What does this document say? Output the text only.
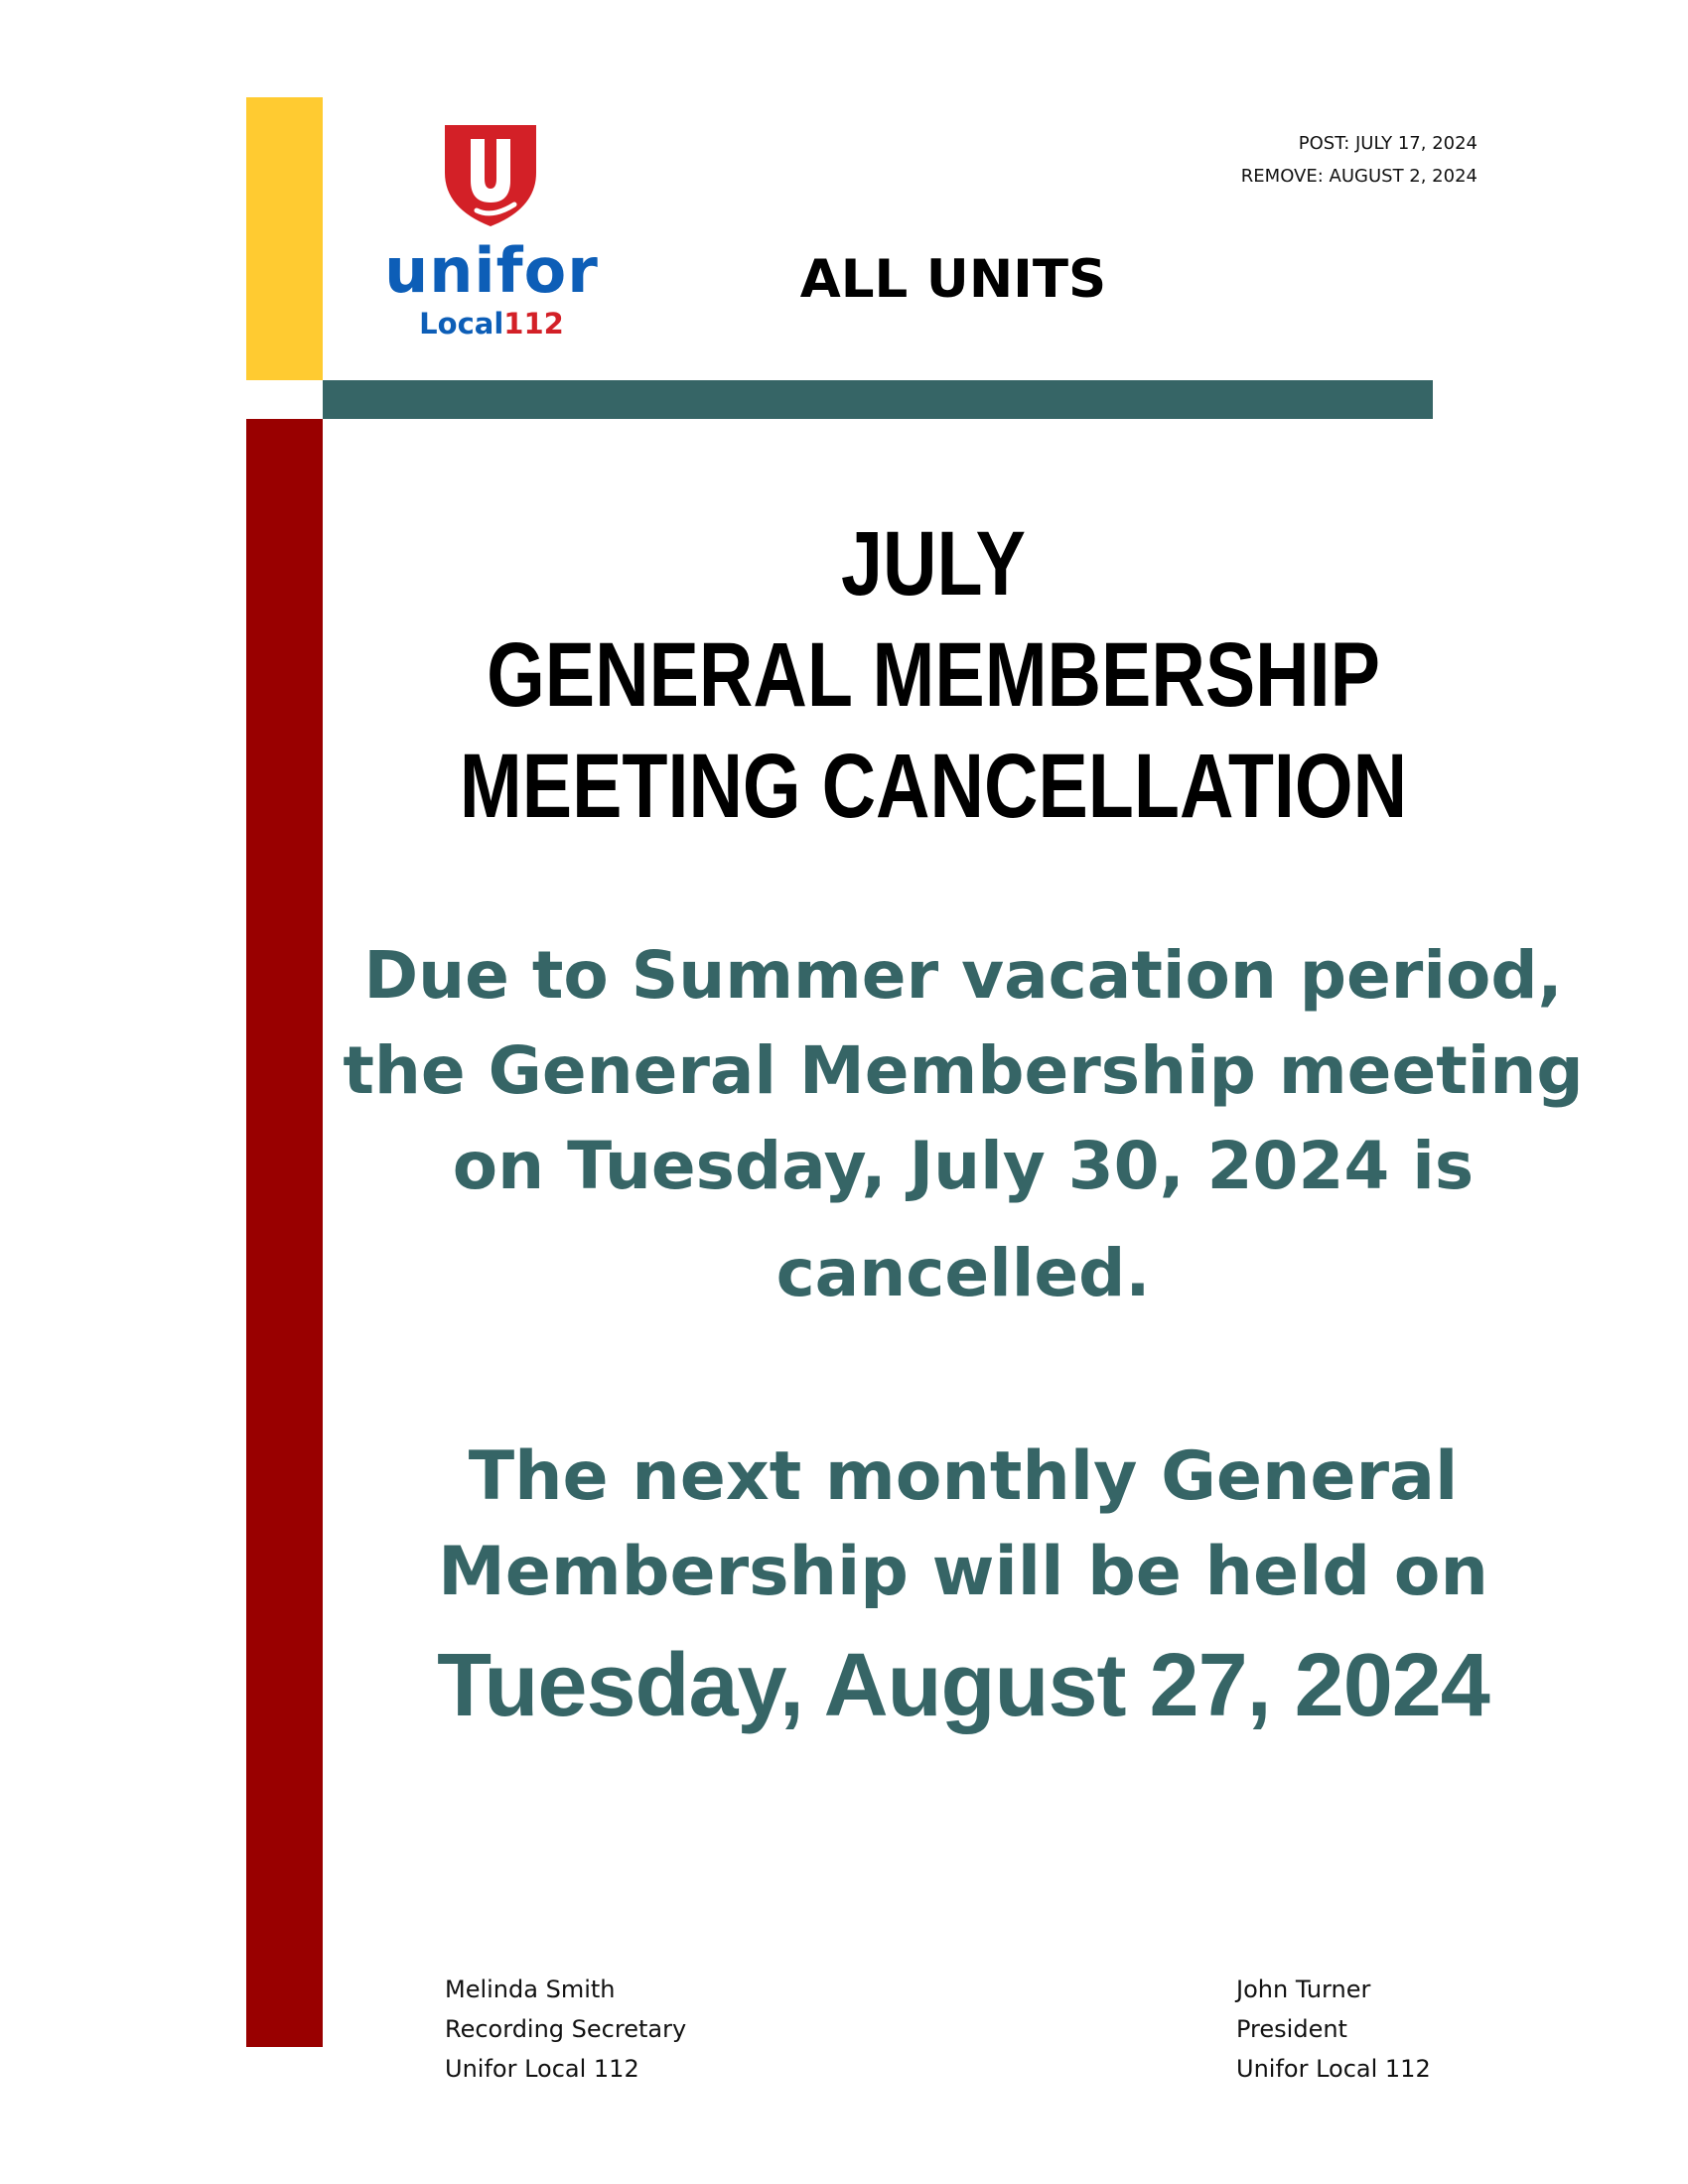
unifor
Local112
POST: JULY 17, 2024
REMOVE: AUGUST 2, 2024
ALL UNITS
JULY
GENERAL MEMBERSHIP
MEETING CANCELLATION
Due to Summer vacation period,
the General Membership meeting
on Tuesday, July 30, 2024 is
cancelled.
The next monthly General
Membership will be held on
Tuesday, August 27, 2024
Melinda Smith
Recording Secretary
Unifor Local 112
John Turner
President
Unifor Local 112
